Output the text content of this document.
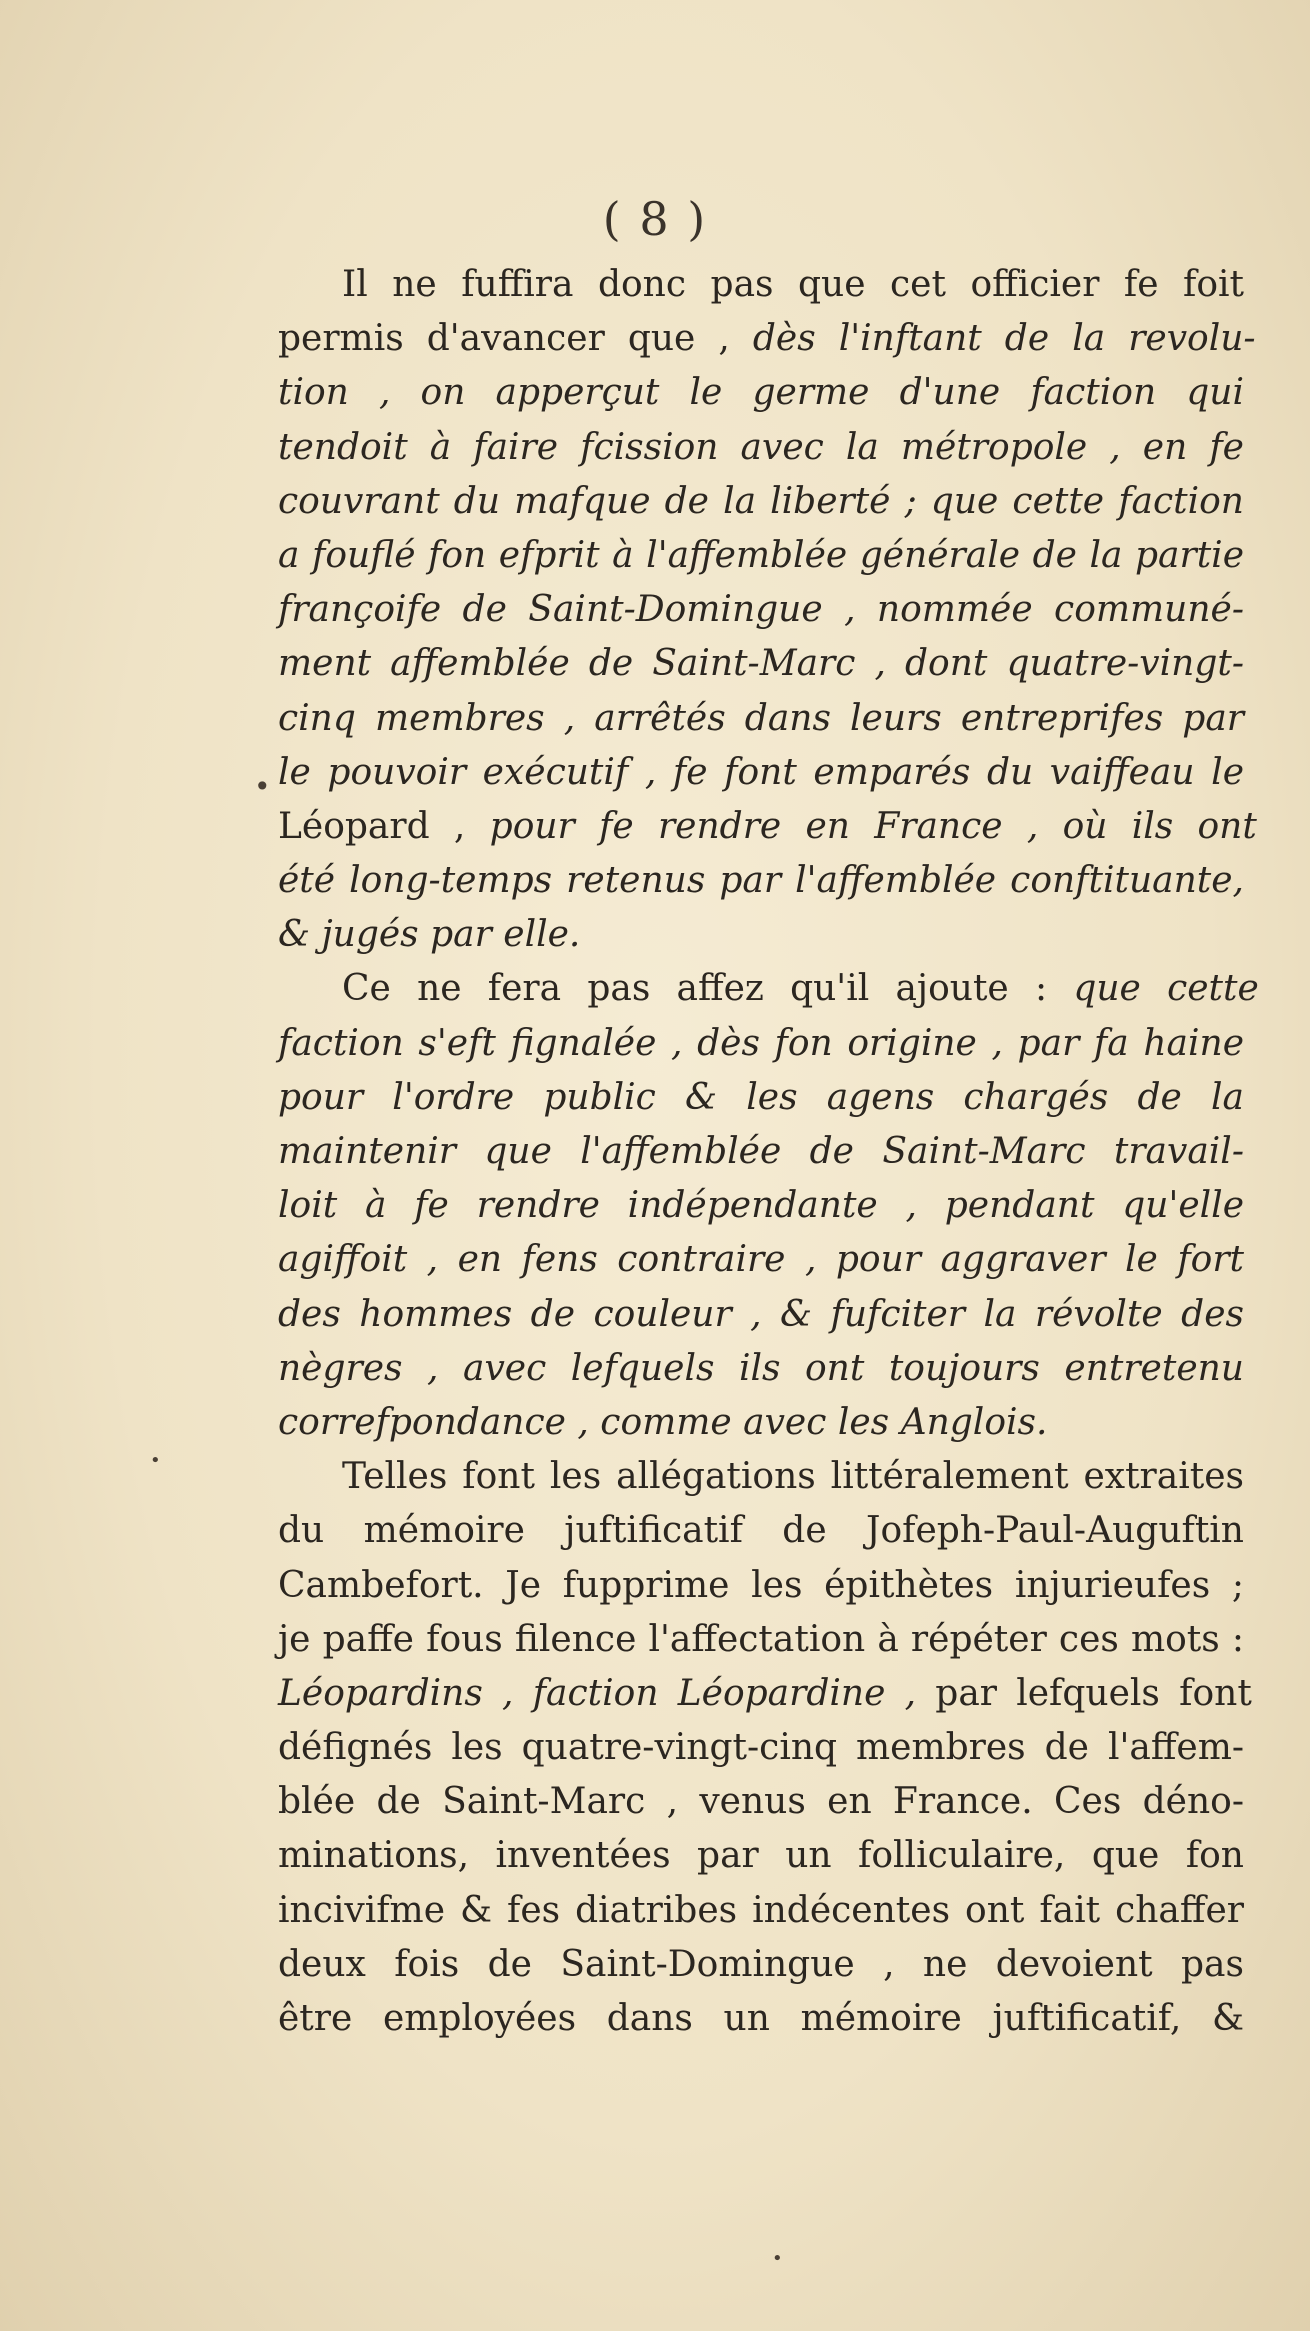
( 8 )
Il ne fuffira donc pas que cet officier fe foit
permis d'avancer que , dès l'inftant de la revolu-
tion , on apperçut le germe d'une faction qui
tendoit à faire fcission avec la métropole , en fe
couvrant du mafque de la liberté ; que cette faction
a fouflé fon efprit à l'affemblée générale de la partie
françoife de Saint-Domingue , nommée communé-
ment affemblée de Saint-Marc , dont quatre-vingt-
cinq membres , arrêtés dans leurs entreprifes par
le pouvoir exécutif , fe font emparés du vaiffeau le
Léopard , pour fe rendre en France , où ils ont
été long-temps retenus par l'affemblée conftituante,
& jugés par elle.
Ce ne fera pas affez qu'il ajoute : que cette
faction s'eft fignalée , dès fon origine , par fa haine
pour l'ordre public & les agens chargés de la
maintenir que l'affemblée de Saint-Marc travail-
loit à fe rendre indépendante , pendant qu'elle
agiffoit , en fens contraire , pour aggraver le fort
des hommes de couleur , & fufciter la révolte des
nègres , avec lefquels ils ont toujours entretenu
correfpondance , comme avec les Anglois.
Telles font les allégations littéralement extraites
du mémoire juftificatif de Jofeph-Paul-Auguftin
Cambefort. Je fupprime les épithètes injurieufes ;
je paffe fous filence l'affectation à répéter ces mots :
Léopardins , faction Léopardine , par lefquels font
défignés les quatre-vingt-cinq membres de l'affem-
blée de Saint-Marc , venus en France. Ces déno-
minations, inventées par un folliculaire, que fon
incivifme & fes diatribes indécentes ont fait chaffer
deux fois de Saint-Domingue , ne devoient pas
être employées dans un mémoire juftificatif, &
•
•
•
